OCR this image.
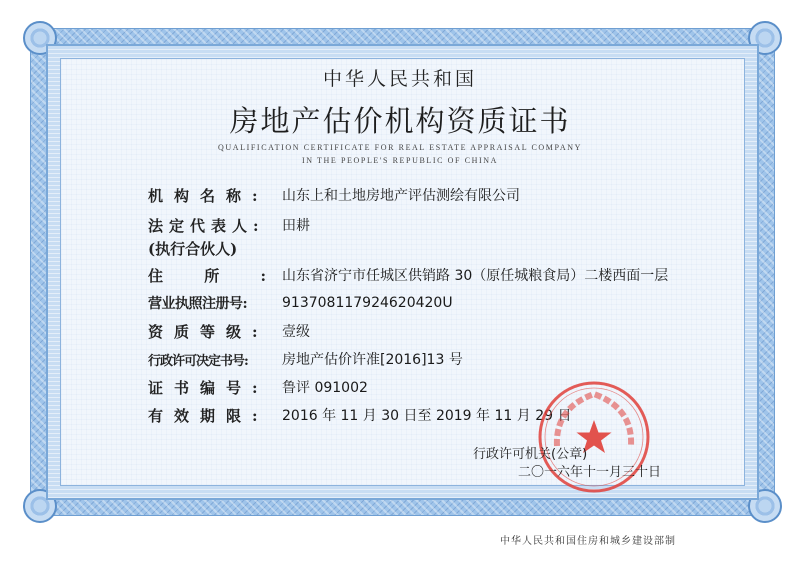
中华人民共和国
房地产估价机构资质证书
QUALIFICATION CERTIFICATE FOR REAL ESTATE APPRAISAL COMPANY
IN THE PEOPLE'S REPUBLIC OF CHINA
机构名称: 山东上和土地房地产评估测绘有限公司
法定代表人: 田耕
(执行合伙人)
住所: 山东省济宁市任城区供销路 30（原任城粮食局）二楼西面一层
营业执照注册号:	913708117924620420U
资质等级: 壹级
行政许可决定书号:	房地产估价许准[2016]13 号
证书编号: 鲁评 091002
有效期限: 2016 年 11 月 30 日至 2019 年 11 月 29 日
行政许可机关(公章)
二〇一六年十一月三十日
中华人民共和国住房和城乡建设部制
